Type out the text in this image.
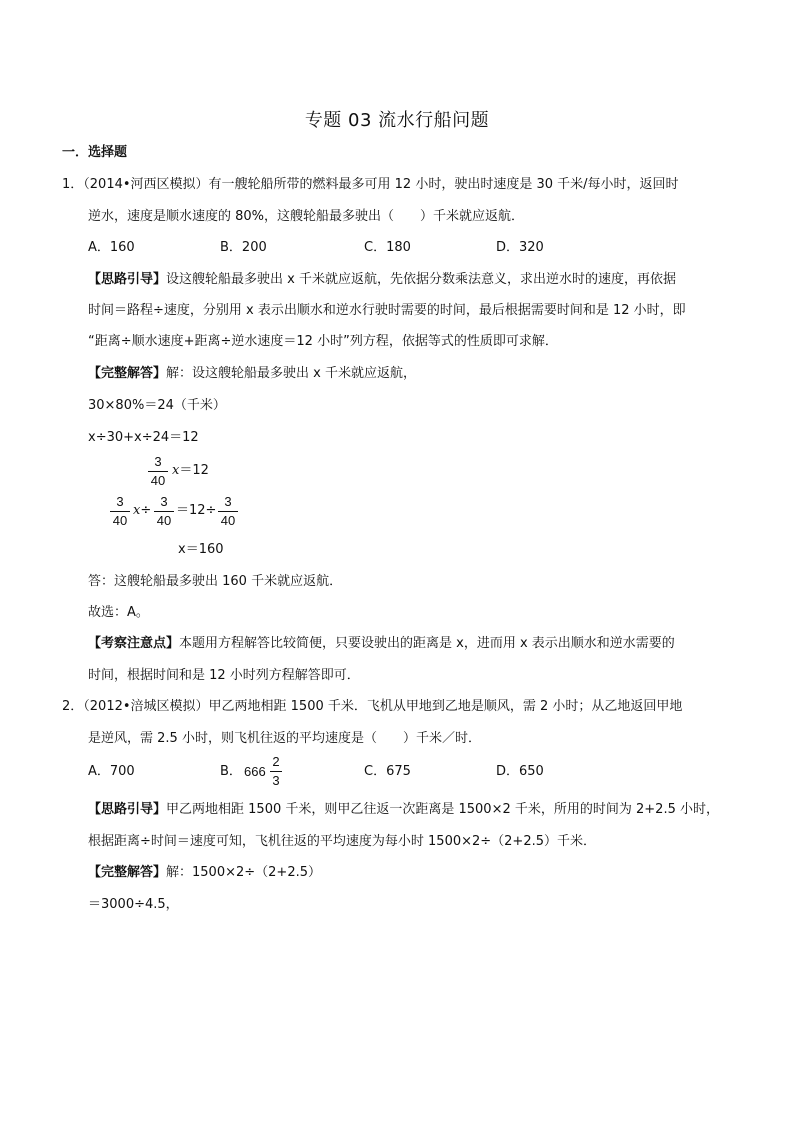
专题 03 流水行船问题
一．选择题
1．（2014•河西区模拟）有一艘轮船所带的燃料最多可用 12 小时，驶出时速度是 30 千米/每小时，返回时
逆水，速度是顺水速度的 80%，这艘轮船最多驶出（　　）千米就应返航．
A．160	B．200	C．180	D．320
【思路引导】设这艘轮船最多驶出 x 千米就应返航，先依据分数乘法意义，求出逆水时的速度，再依据
时间＝路程÷速度，分别用 x 表示出顺水和逆水行驶时需要的时间，最后根据需要时间和是 12 小时，即
“距离÷顺水速度+距离÷逆水速度＝12 小时”列方程，依据等式的性质即可求解．
【完整解答】解：设这艘轮船最多驶出 x 千米就应返航，
30×80%＝24（千米）
x÷30+x÷24＝12
3
40
x＝12
3
40
x÷
3
40
＝12÷
3
40
x＝160
答：这艘轮船最多驶出 160 千米就应返航．
故选：A。
【考察注意点】本题用方程解答比较简便，只要设驶出的距离是 x，进而用 x 表示出顺水和逆水需要的
时间，根据时间和是 12 小时列方程解答即可．
2．（2012•涪城区模拟）甲乙两地相距 1500 千米．飞机从甲地到乙地是顺风，需 2 小时；从乙地返回甲地
是逆风，需 2.5 小时，则飞机往返的平均速度是（　　）千米／时．
A．700	B． 666
2
3
C．675	D．650
【思路引导】甲乙两地相距 1500 千米，则甲乙往返一次距离是 1500×2 千米，所用的时间为 2+2.5 小时，
根据距离÷时间＝速度可知，飞机往返的平均速度为每小时 1500×2÷（2+2.5）千米．
【完整解答】解：1500×2÷（2+2.5）
＝3000÷4.5，
